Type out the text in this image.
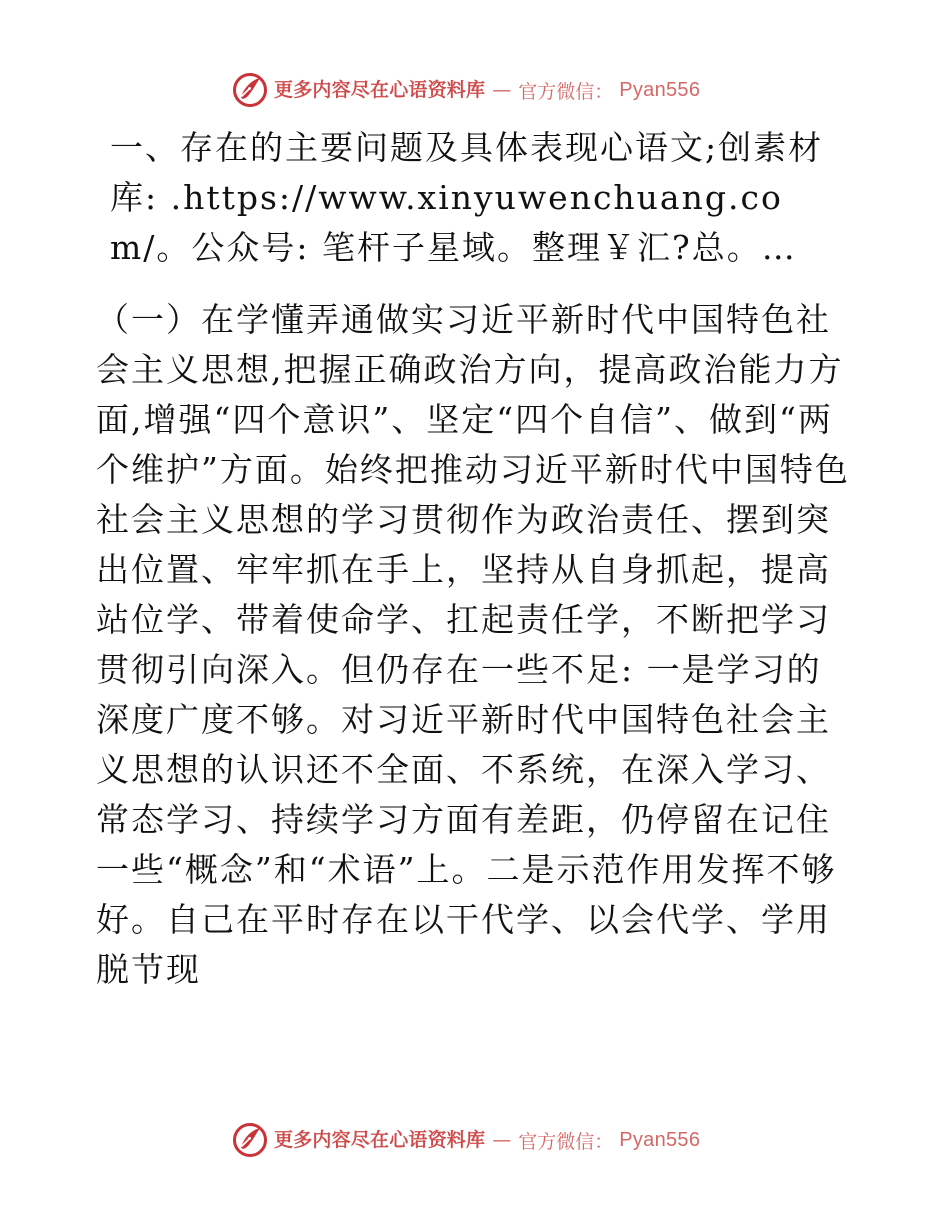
更多内容尽在心语资料库 — 官方微信： Pyan556

一、存在的主要问题及具体表现心语文;创素材库: .https://www.xinyuwenchuang.com/。公众号: 笔杆子星域。整理￥汇?总。…

（一）在学懂弄通做实习近平新时代中国特色社会主义思想,把握正确政治方向，提高政治能力方面,增强“四个意识”、坚定“四个自信”、做到“两个维护”方面。始终把推动习近平新时代中国特色社会主义思想的学习贯彻作为政治责任、摆到突出位置、牢牢抓在手上，坚持从自身抓起，提高站位学、带着使命学、扛起责任学，不断把学习贯彻引向深入。但仍存在一些不足: 一是学习的深度广度不够。对习近平新时代中国特色社会主义思想的认识还不全面、不系统，在深入学习、常态学习、持续学习方面有差距，仍停留在记住一些“概念”和“术语”上。二是示范作用发挥不够好。自己在平时存在以干代学、以会代学、学用脱节现

更多内容尽在心语资料库 — 官方微信： Pyan556
